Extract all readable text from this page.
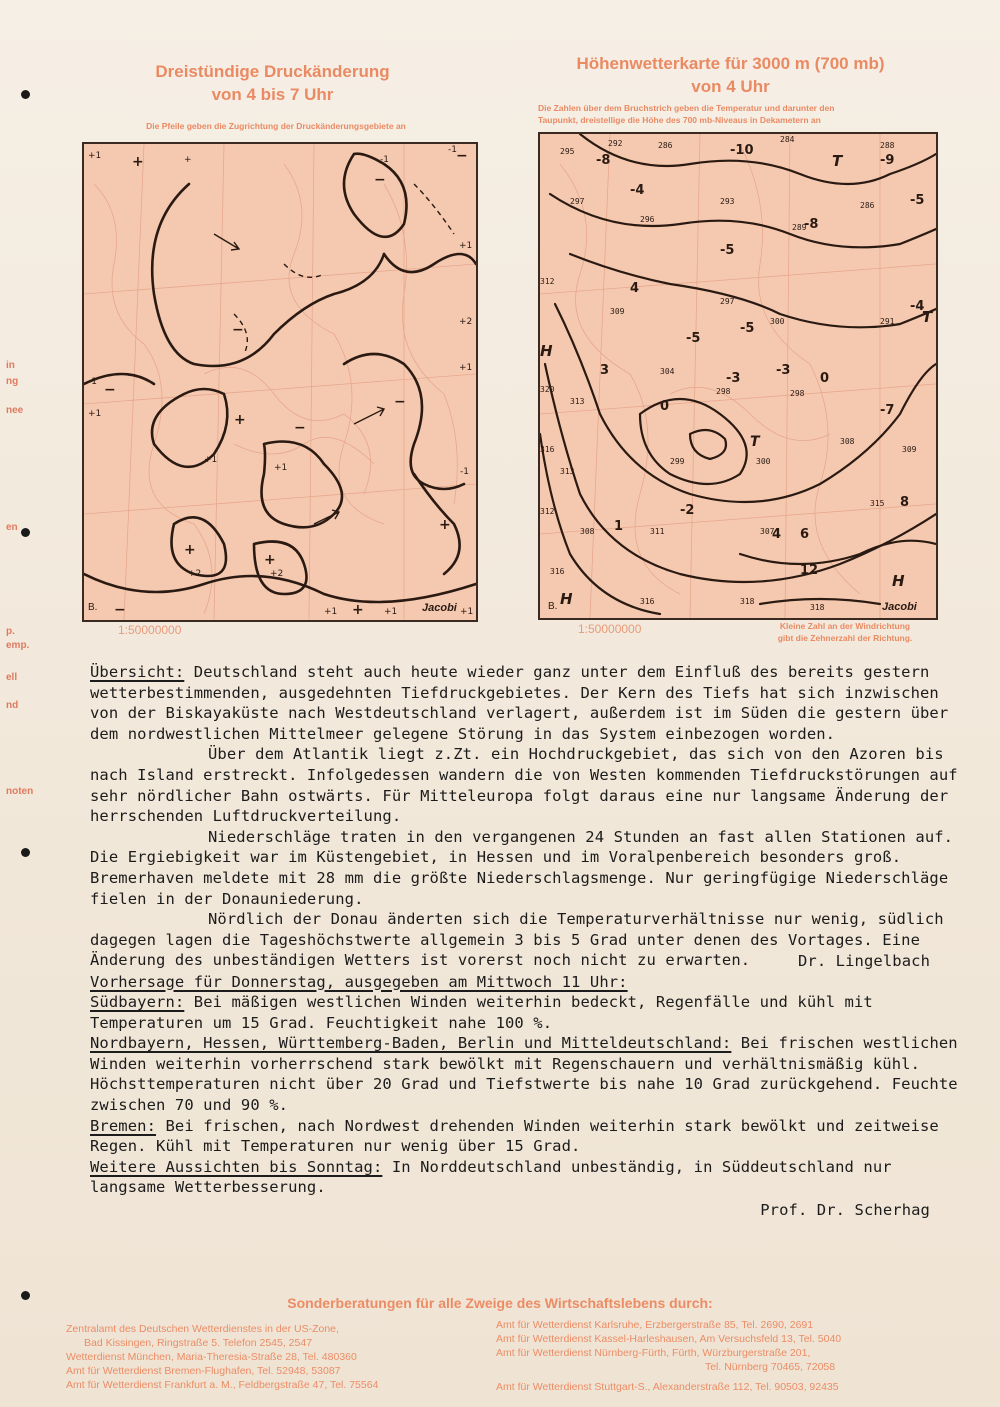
in
ng
nee
en
p.
emp.
ell
nd
noten
Dreistündige Druckänderung
von 4 bis 7 Uhr
Die Pfeile geben die Zugrichtung der Druckänderungsgebiete an
+
−
−
−
−
+
+
+
+
−
+
−
−
+1	+	-1
-1
+1
+2
+1
-1
+1
+1
+1
+1	+1
-1
+1
+2	+2
B.	Jacobi
1:50000000
Höhenwetterkarte für 3000 m (700 mb)
von 4 Uhr
Die Zahlen über dem Bruchstrich geben die Temperatur und darunter den
Taupunkt, dreistellige die Höhe des 700 mb-Niveaus in Dekametern an
T
T
H
T
H
H
295
292	286
284
288
297
296
293
289
286
312
309
297
300	291
320
313
304
298	298
316
313
299	300
308
309
312
308	311	307
315
316
316	318
318
-8
-10
-4
-5
-8
-9
-5
-4
4
-5
-5
3
-3
-3
0
0
-7
8
12
1
-2
4 6
B.	Jacobi
1:50000000	Kleine Zahl an der Windrichtung
gibt die Zehnerzahl der Richtung.

Übersicht: Deutschland steht auch heute wieder ganz unter dem Einfluß des bereits gestern wetterbestimmenden, ausgedehnten Tiefdruckgebietes. Der Kern des Tiefs hat sich inzwischen von der Biskayaküste nach Westdeutschland verlagert, außerdem ist im Süden die gestern über dem nordwestlichen Mittelmeer gelegene Störung in das System einbezogen worden.

Über dem Atlantik liegt z.Zt. ein Hochdruckgebiet, das sich von den Azoren bis nach Island erstreckt. Infolgedessen wandern die von Westen kommenden Tiefdruckstörungen auf sehr nördlicher Bahn ostwärts. Für Mitteleuropa folgt daraus eine nur langsame Änderung der herrschenden Luftdruckverteilung.

Niederschläge traten in den vergangenen 24 Stunden an fast allen Stationen auf. Die Ergiebigkeit war im Küstengebiet, in Hessen und im Voralpenbereich besonders groß. Bremerhaven meldete mit 28 mm die größte Niederschlagsmenge. Nur geringfügige Niederschläge fielen in der Donauniederung.

Nördlich der Donau änderten sich die Temperaturverhältnisse nur wenig, südlich dagegen lagen die Tageshöchstwerte allgemein 3 bis 5 Grad unter denen des Vortages. Eine Änderung des unbeständigen Wetters ist vorerst noch nicht zu erwarten.	Dr. Lingelbach

Vorhersage für Donnerstag, ausgegeben am Mittwoch 11 Uhr:

Südbayern: Bei mäßigen westlichen Winden weiterhin bedeckt, Regenfälle und kühl mit Temperaturen um 15 Grad. Feuchtigkeit nahe 100 %.

Nordbayern, Hessen, Württemberg-Baden, Berlin und Mitteldeutschland: Bei frischen westlichen Winden weiterhin vorherrschend stark bewölkt mit Regenschauern und verhältnismäßig kühl. Höchsttemperaturen nicht über 20 Grad und Tiefstwerte bis nahe 10 Grad zurückgehend. Feuchte zwischen 70 und 90 %.

Bremen: Bei frischen, nach Nordwest drehenden Winden weiterhin stark bewölkt und zeitweise Regen. Kühl mit Temperaturen nur wenig über 15 Grad.

Weitere Aussichten bis Sonntag: In Norddeutschland unbeständig, in Süddeutschland nur langsame Wetterbesserung.

Prof. Dr. Scherhag

Sonderberatungen für alle Zweige des Wirtschaftslebens durch:
Zentralamt des Deutschen Wetterdienstes in der US-Zone,
Bad Kissingen, Ringstraße 5. Telefon 2545, 2547
Wetterdienst München, Maria-Theresia-Straße 28, Tel. 480360
Amt für Wetterdienst Bremen-Flughafen, Tel. 52948, 53087
Amt für Wetterdienst Frankfurt a. M., Feldbergstraße 47, Tel. 75564
Amt für Wetterdienst Karlsruhe, Erzbergerstraße 85, Tel. 2690, 2691
Amt für Wetterdienst Kassel-Harleshausen, Am Versuchsfeld 13, Tel. 5040
Amt für Wetterdienst Nürnberg-Fürth, Fürth, Würzburgerstraße 201,
Tel. Nürnberg 70465, 72058
Amt für Wetterdienst Stuttgart-S., Alexanderstraße 112, Tel. 90503, 92435
